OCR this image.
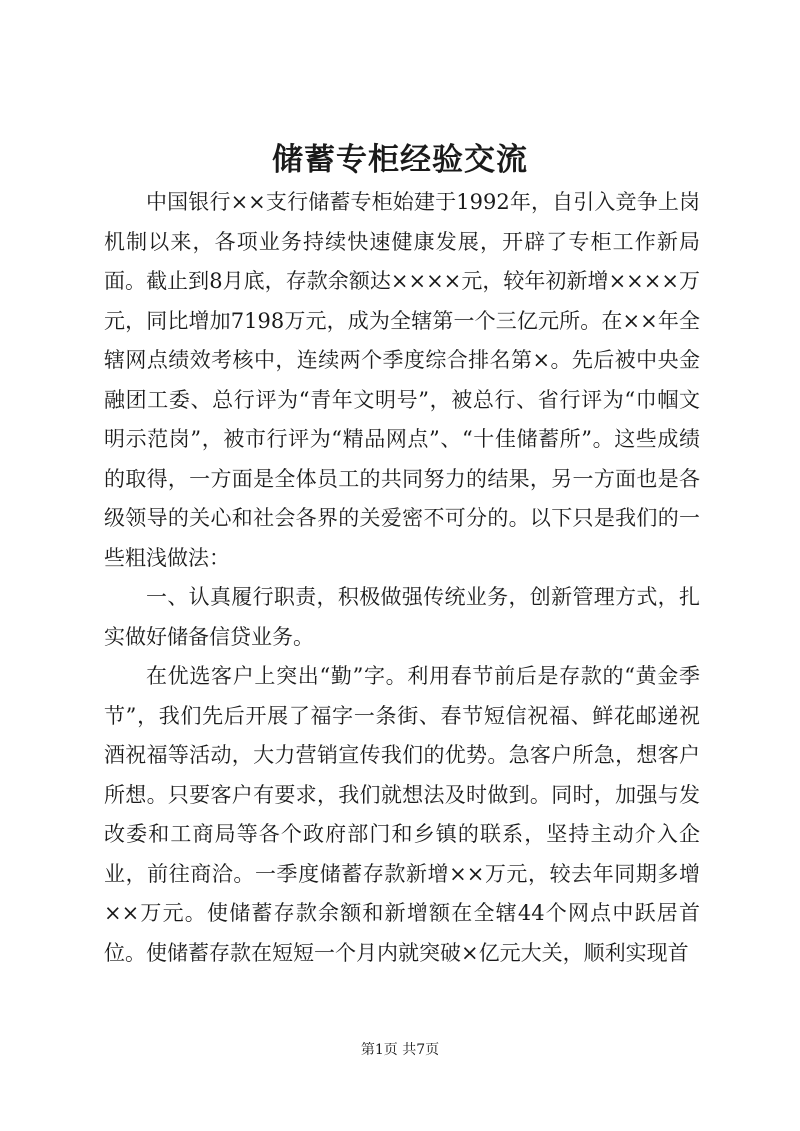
储蓄专柜经验交流

中国银行××支行储蓄专柜始建于1992年，自引入竞争上岗机制以来，各项业务持续快速健康发展，开辟了专柜工作新局面。截止到8月底，存款余额达××××元，较年初新增××××万元，同比增加7198万元，成为全辖第一个三亿元所。在××年全辖网点绩效考核中，连续两个季度综合排名第×。先后被中央金融团工委、总行评为“青年文明号”，被总行、省行评为“巾帼文明示范岗”，被市行评为“精品网点”、“十佳储蓄所”。这些成绩的取得，一方面是全体员工的共同努力的结果，另一方面也是各级领导的关心和社会各界的关爱密不可分的。以下只是我们的一些粗浅做法：

一、认真履行职责，积极做强传统业务，创新管理方式，扎实做好储备信贷业务。

在优选客户上突出“勤”字。利用春节前后是存款的“黄金季节”，我们先后开展了福字一条街、春节短信祝福、鲜花邮递祝酒祝福等活动，大力营销宣传我们的优势。急客户所急，想客户所想。只要客户有要求，我们就想法及时做到。同时，加强与发改委和工商局等各个政府部门和乡镇的联系，坚持主动介入企业，前往商洽。一季度储蓄存款新增××万元，较去年同期多增××万元。使储蓄存款余额和新增额在全辖44个网点中跃居首位。使储蓄存款在短短一个月内就突破×亿元大关，顺利实现首

第1页 共7页
